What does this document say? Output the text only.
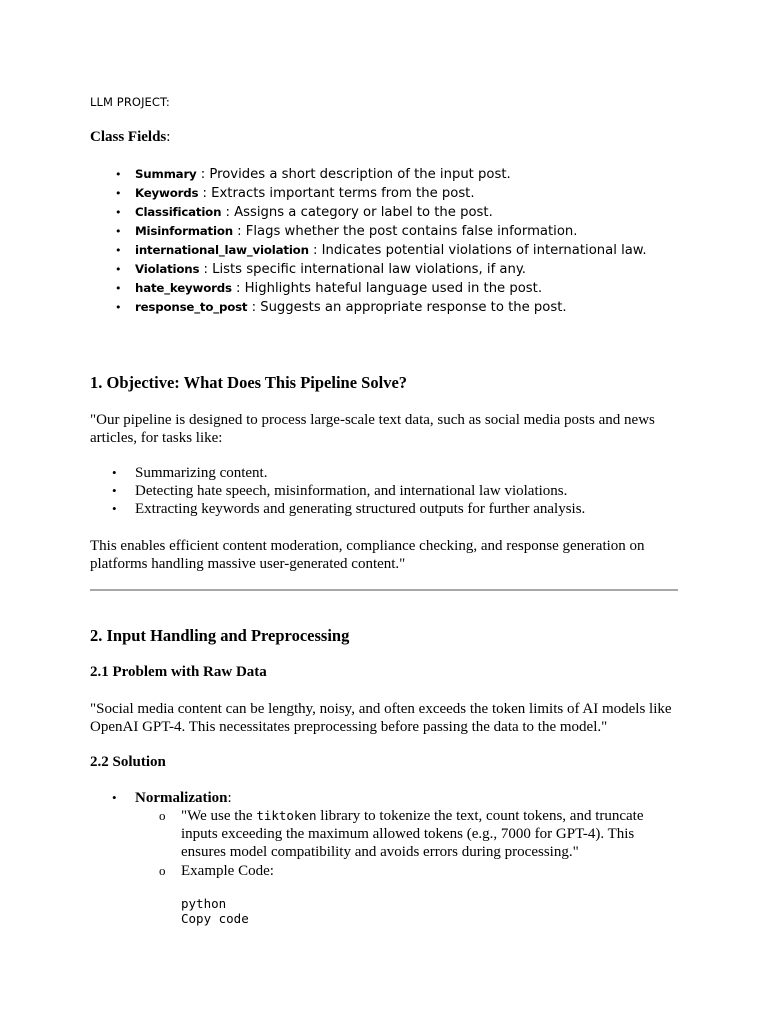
LLM PROJECT:
Class Fields:
• Summary : Provides a short description of the input post.
• Keywords : Extracts important terms from the post.
• Classification : Assigns a category or label to the post.
• Misinformation : Flags whether the post contains false information.
• international_law_violation : Indicates potential violations of international law.
• Violations : Lists specific international law violations, if any.
• hate_keywords : Highlights hateful language used in the post.
• response_to_post : Suggests an appropriate response to the post.
1. Objective: What Does This Pipeline Solve?
"Our pipeline is designed to process large-scale text data, such as social media posts and news
articles, for tasks like:
• Summarizing content.
• Detecting hate speech, misinformation, and international law violations.
• Extracting keywords and generating structured outputs for further analysis.
This enables efficient content moderation, compliance checking, and response generation on
platforms handling massive user-generated content."
2. Input Handling and Preprocessing
2.1 Problem with Raw Data
"Social media content can be lengthy, noisy, and often exceeds the token limits of AI models like
OpenAI GPT-4. This necessitates preprocessing before passing the data to the model."
2.2 Solution
• Normalization:
o "We use the tiktoken library to tokenize the text, count tokens, and truncate
inputs exceeding the maximum allowed tokens (e.g., 7000 for GPT-4). This
ensures model compatibility and avoids errors during processing."
o Example Code:
python
Copy code
